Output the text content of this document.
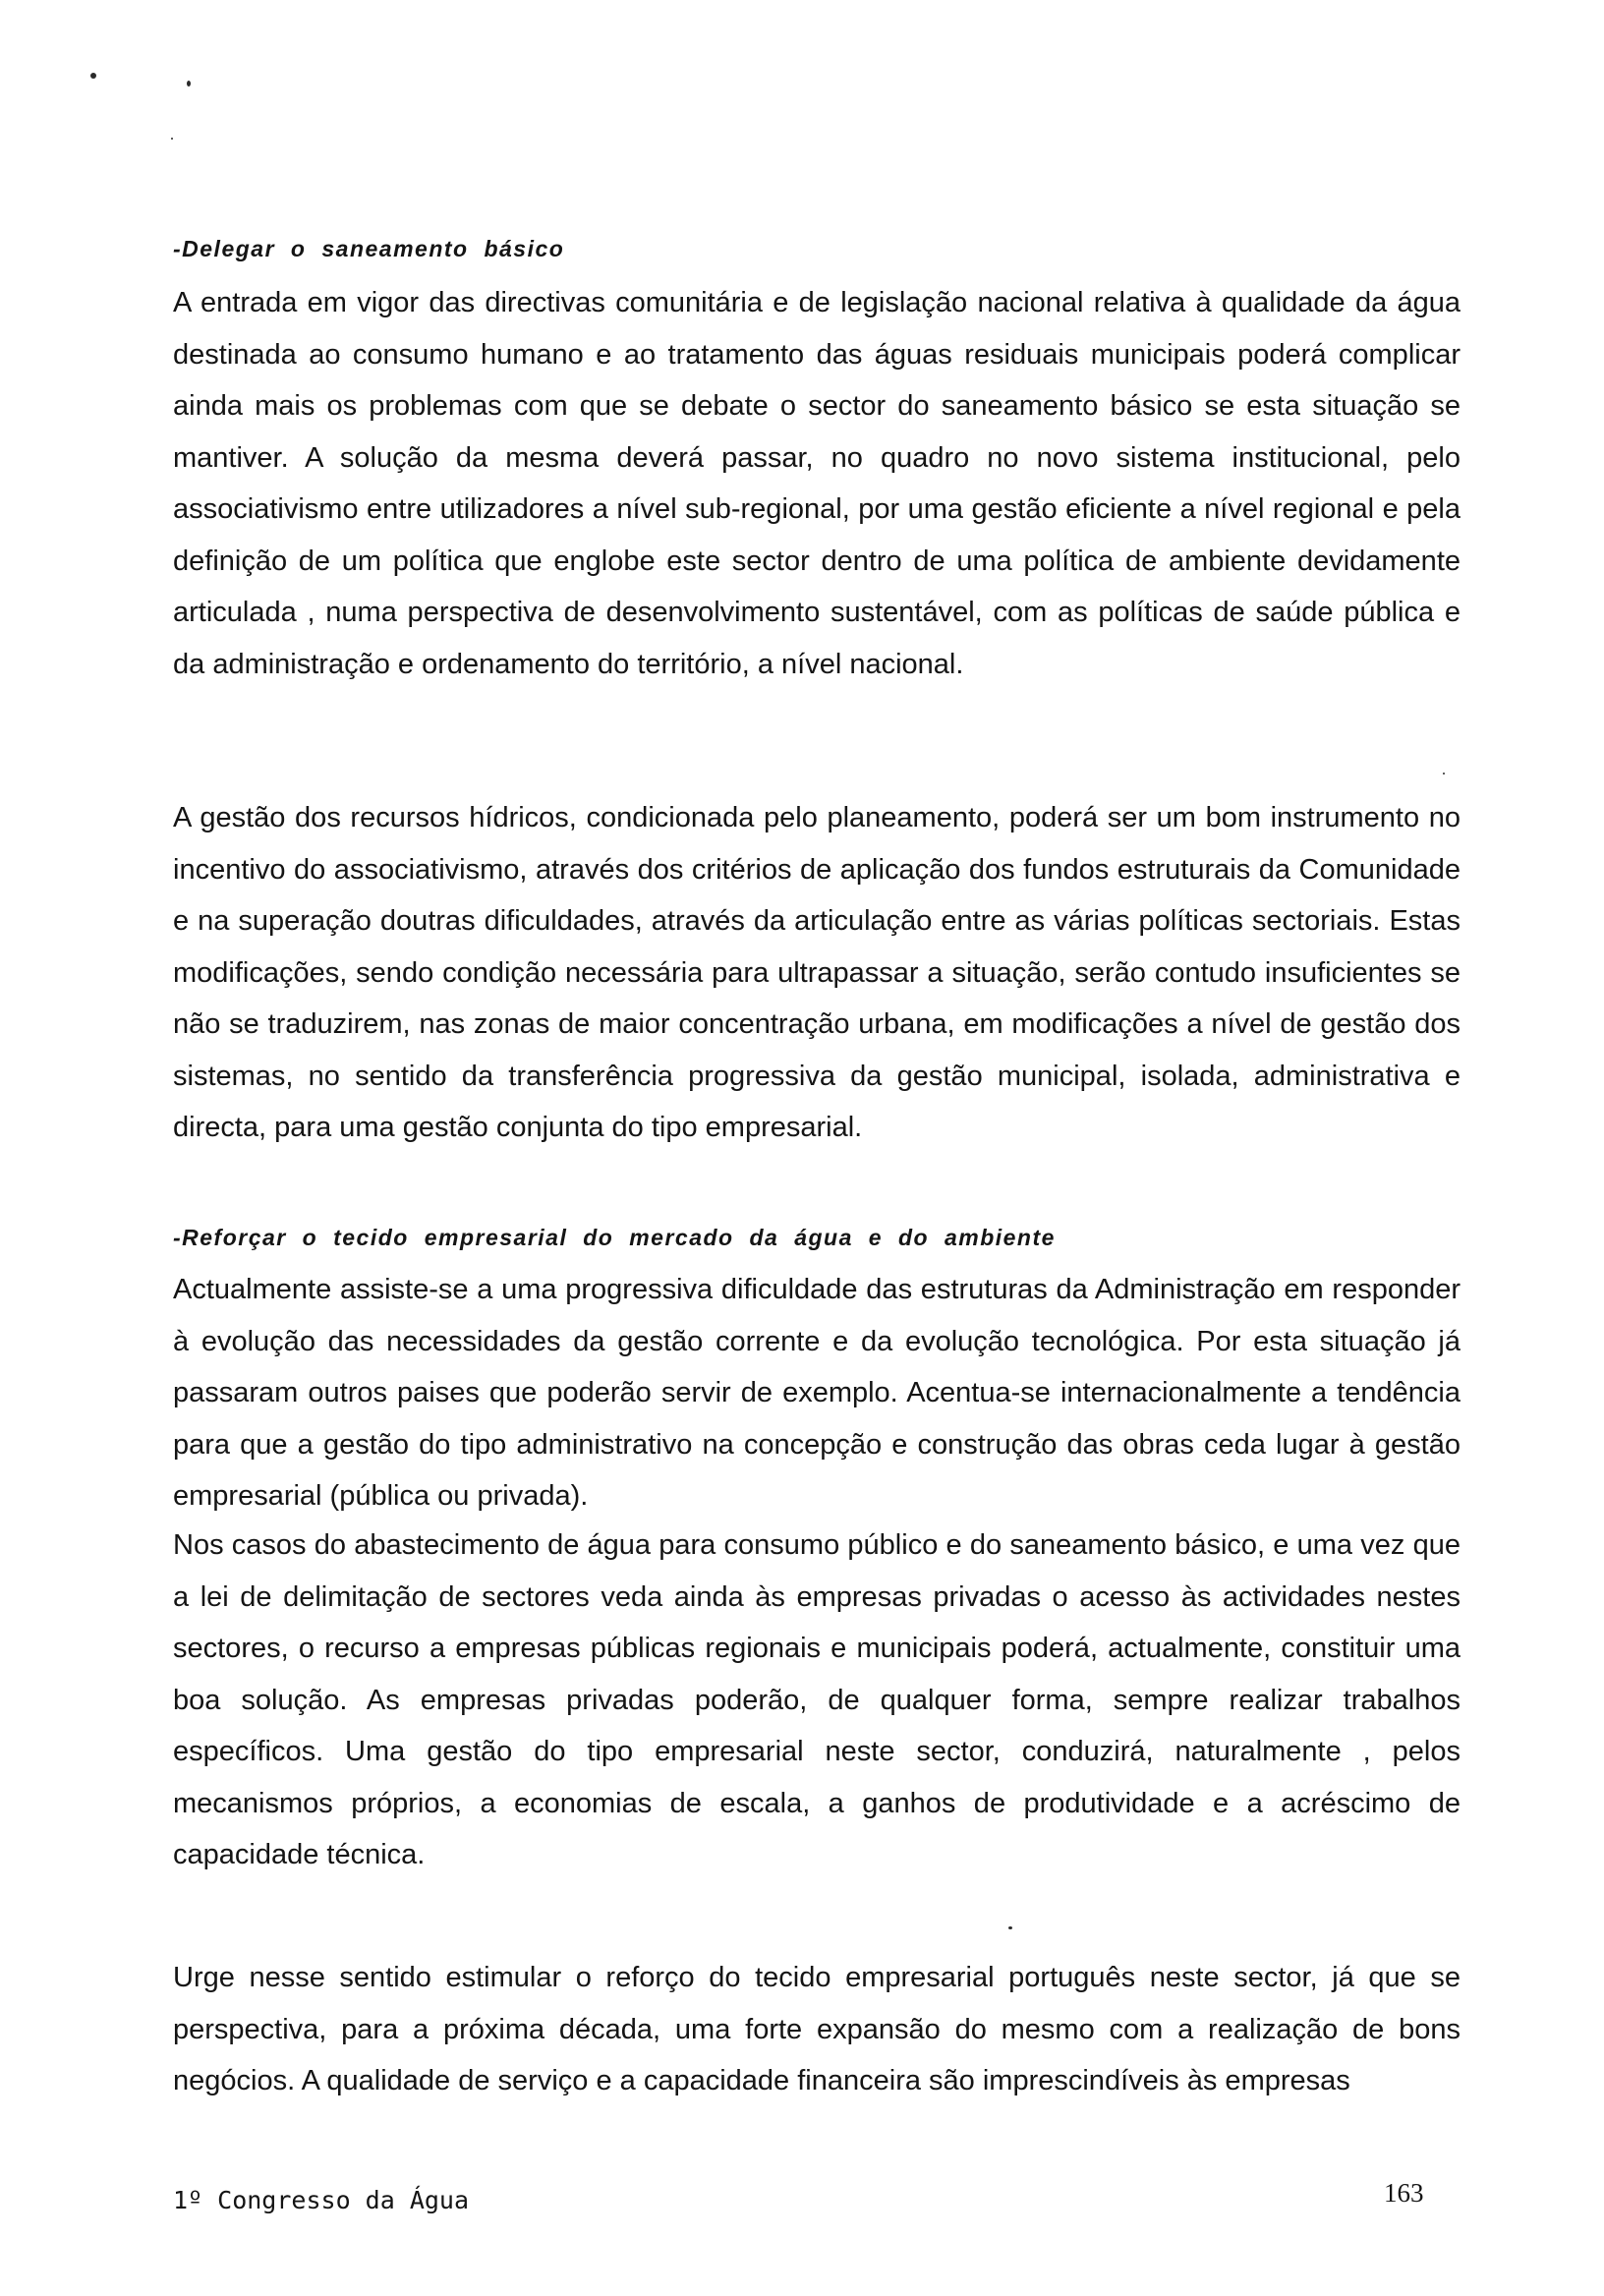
-Delegar o saneamento básico

A entrada em vigor das directivas comunitária e de legislação nacional relativa à qualidade da água destinada ao consumo humano e ao tratamento das águas residuais municipais poderá complicar ainda mais os problemas com que se debate o sector do saneamento básico se esta situação se mantiver. A solução da mesma deverá passar, no quadro no novo sistema institucional, pelo associativismo entre utilizadores a nível sub-regional, por uma gestão eficiente a nível regional e pela definição de um política que englobe este sector dentro de uma política de ambiente devidamente articulada , numa perspectiva de desenvolvimento sustentável, com as políticas de saúde pública e da administração e ordenamento do território, a nível nacional.

A gestão dos recursos hídricos, condicionada pelo planeamento, poderá ser um bom instrumento no incentivo do associativismo, através dos critérios de aplicação dos fundos estruturais da Comunidade e na superação doutras dificuldades, através da articulação entre as várias políticas sectoriais. Estas modificações, sendo condição necessária para ultrapassar a situação, serão contudo insuficientes se não se traduzirem, nas zonas de maior concentração urbana, em modificações a nível de gestão dos sistemas, no sentido da transferência progressiva da gestão municipal, isolada, administrativa e directa, para uma gestão conjunta do tipo empresarial.

-Reforçar o tecido empresarial do mercado da água e do ambiente

Actualmente assiste-se a uma progressiva dificuldade das estruturas da Administração em responder à evolução das necessidades da gestão corrente e da evolução tecnológica. Por esta situação já passaram outros paises que poderão servir de exemplo. Acentua-se internacionalmente a tendência para que a gestão do tipo administrativo na concepção e construção das obras ceda lugar à gestão empresarial (pública ou privada).

Nos casos do abastecimento de água para consumo público e do saneamento básico, e uma vez que a lei de delimitação de sectores veda ainda às empresas privadas o acesso às actividades nestes sectores, o recurso a empresas públicas regionais e municipais poderá, actualmente, constituir uma boa solução. As empresas privadas poderão, de qualquer forma, sempre realizar trabalhos específicos. Uma gestão do tipo empresarial neste sector, conduzirá, naturalmente , pelos mecanismos próprios, a economias de escala, a ganhos de produtividade e a acréscimo de capacidade técnica.

Urge nesse sentido estimular o reforço do tecido empresarial português neste sector, já que se perspectiva, para a próxima década, uma forte expansão do mesmo com a realização de bons negócios. A qualidade de serviço e a capacidade financeira são imprescindíveis às empresas

1º Congresso da Água	163
